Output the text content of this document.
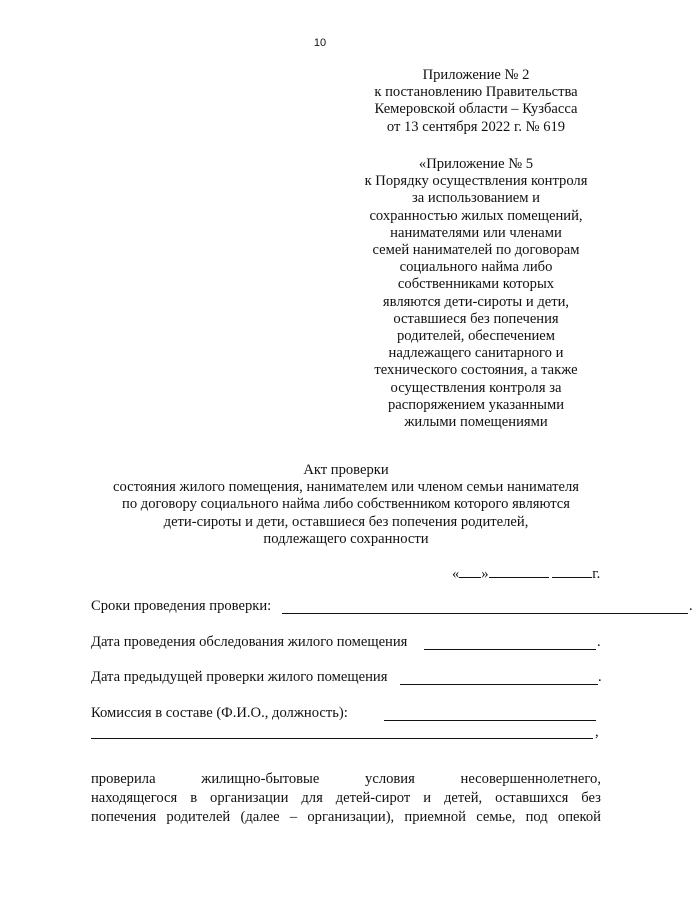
10
Приложение № 2
к постановлению Правительства
Кемеровской области – Кузбасса
от 13 сентября 2022 г. № 619
«Приложение № 5
к Порядку осуществления контроля
за использованием и
сохранностью жилых помещений,
нанимателями или членами
семей нанимателей по договорам
социального найма либо
собственниками которых
являются дети-сироты и дети,
оставшиеся без попечения
родителей, обеспечением
надлежащего санитарного и
технического состояния, а также
осуществления контроля за
распоряжением указанными
жилыми помещениями
Акт проверки
состояния жилого помещения, нанимателем или членом семьи нанимателя
по договору социального найма либо собственником которого являются
дети-сироты и дети, оставшиеся без попечения родителей,
подлежащего сохранности
« »	г.
Сроки проведения проверки:	.
Дата проведения обследования жилого помещения	.
Дата предыдущей проверки жилого помещения	.
Комиссия в составе (Ф.И.О., должность):
,
проверила	жилищно-бытовые	условия	несовершеннолетнего,
находящегося в организации для детей-сирот и детей, оставшихся без
попечения родителей (далее – организации), приемной семье, под опекой
